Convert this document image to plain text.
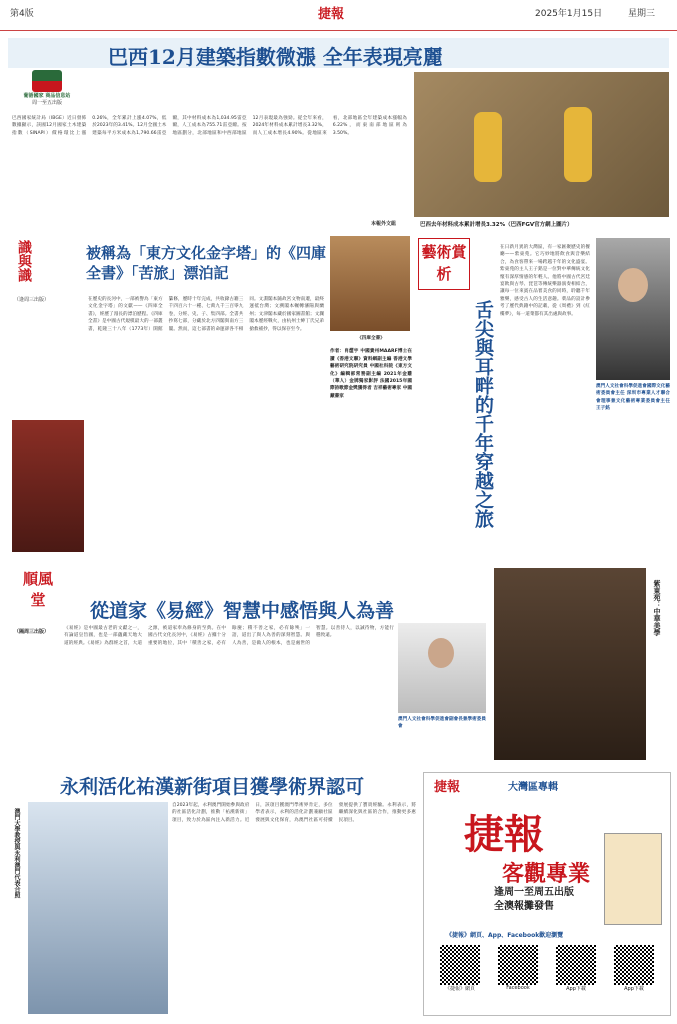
第4版	捷報	2025年1月15日	星期三
巴西12月建築指數微漲 全年表現亮麗
葡語國家 商品信息站
周一至五出版
巴西國家統計局（IBGE）近日發佈數據顯示，該國12月國家土木建築指數（SINAPI）價格環比上漲0.26%，全年累計上漲4.07%，低於2023年的3.41%。12月全國土木建築每平方米成本為1,790.66雷亞爾，其中材料成本為1,034.95雷亞爾，人工成本為755.71雷亞爾。按地區劃分，北部地區和中西部地區12月表現最為強勁。從全年來看，2024年材料成本累計增長3.32%，而人工成本增長4.90%。從地區來看，北部地區全年建築成本漲幅為6.22%，而東南部地區則為3.50%。
本報外文組	巴西去年材料成本累計增長3.32%（巴西FGV官方網上圖片）
識與識
（逢周三出版）
被稱為「東方文化金字塔」的《四庫全書》「苦旅」漂泊記
在歷史的長河中，一部被譽為「東方文化金字塔」的文獻——《四庫全書》，經歷了漫長的漂泊歷程。《四庫全書》是中國古代規模最大的一部叢書，乾隆三十八年（1773年）開館纂修，歷時十年完成，共收錄古籍三千四百六十一種、七萬九千三百零九卷，分經、史、子、集四部。全書共抄寫七部，分藏於北方四閣與南方三閣。然而，這七部書的命運卻各不相同。文淵閣本隨故宮文物南遷，最終運抵台灣；文溯閣本輾轉瀋陽與蘭州；文津閣本藏於國家圖書館；文瀾閣本歷經戰火，由杭州士紳丁氏兄弟搶救補抄，得以保存至今。
《四庫全書》
作者：肖澀宇 中國貴州MAARF博士在讀《香港文聯》資料網副主編 香港文學藝術研究院研究員 中國社科院《東方文化》編輯部常務副主編 2021年金雞（華人）金牌獨家影評 法國2015年國際詩歌節金獎獲得者 吉祥藝術專家 中國藏書家
藝術賞析
舌尖與耳畔的千年穿越之旅
在日新月異的大灣區，有一家匯聚歷史的餐廳——紫東苑。它巧妙地將飲食與音樂結合，為食客帶來一場跨越千年的文化盛宴。紫東苑的主人王子銘是一位對中華傳統文化懷有深厚情感的年輕人。他將中國古代宮廷宴飲與古琴、琵琶等傳統樂器演奏相結合，讓每一位來賓在品嘗美食的同時，聆聽千年雅樂，感受古人的生活意趣。菜品的設計參考了歷代典籍中的記載，從《周禮》到《紅樓夢》，每一道菜都有其出處與故事。
澳門人文社會科學促進會國際文化藝術委員會主任 深圳市專業人才聯合會理事兼文化藝術專業委員會主任 王子銘
順風堂
（隔周三出版）
從道家《易經》智慧中感悟與人為善
《易經》是中國最古老的文獻之一，有論道皇旨國，也是一部蘊藏天地大道的經典。《易經》為群經之首，大道之源，被道家奉為修身的至典。在中國古代文化長河中，《易經》占據十分重要的地位，其中「積善之家，必有餘慶；積不善之家，必有餘殃」一語，道出了與人為善的深刻智慧。與人為善，是做人的根本，也是處世的智慧。以善待人，以誠待物，方能行穩致遠。
澳門人文社會科學促進會副會長兼學術委員會
紫東苑：中華美學
永利活化祐漢新街項目獲學術界認可
澳門大學教授與永利澳門代表合照
自2023年起，永利澳門開始參與政府的社區活化計劃，推動「祐漢新街」項目，致力於為區內注入新活力。近日，該項目獲澳門學術界肯定，多位學者表示，永利的活化計劃兼顧社區發展與文化保育，為澳門社區可持續發展提供了寶貴經驗。永利表示，將繼續深化與社區的合作，推動更多惠民項目。
捷報	大灣區專輯
捷報
客觀專業
逢周一至周五出版
全澳報攤發售
《捷報》網頁、App、Facebook歡迎瀏覽
《捷報》網頁	Facebook	App下載	App下載
